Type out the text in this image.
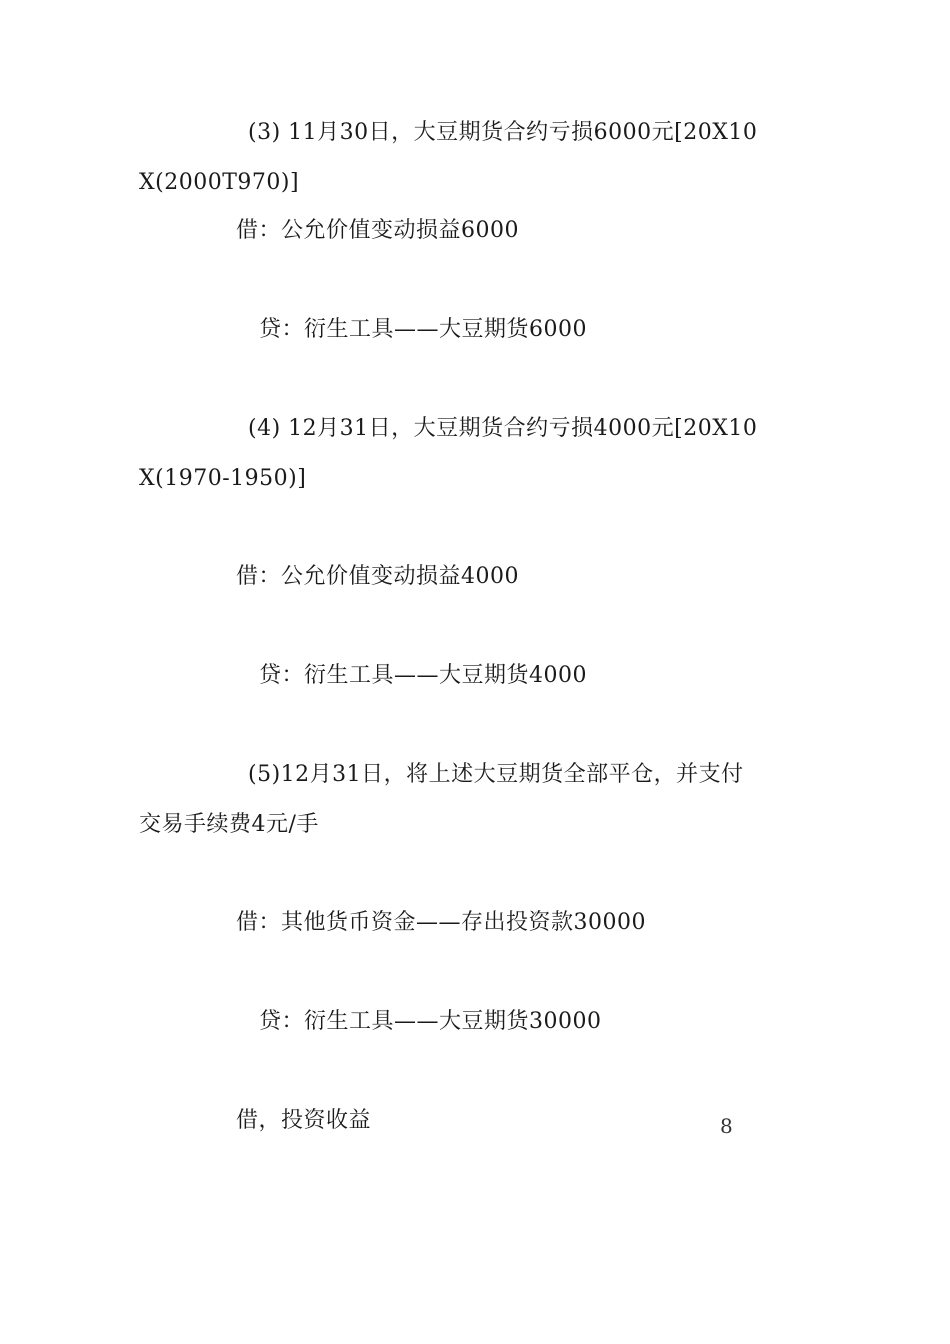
(3) 11月30日，大豆期货合约亏损6000元[20X10
X(2000T970)]
借：公允价值变动损益6000
贷：衍生工具——大豆期货6000
(4) 12月31日，大豆期货合约亏损4000元[20X10
X(1970-1950)]
借：公允价值变动损益4000
贷：衍生工具——大豆期货4000
(5)12月31日，将上述大豆期货全部平仓，并支付
交易手续费4元/手
借：其他货币资金——存出投资款30000
贷：衍生工具——大豆期货30000
借，投资收益	8
